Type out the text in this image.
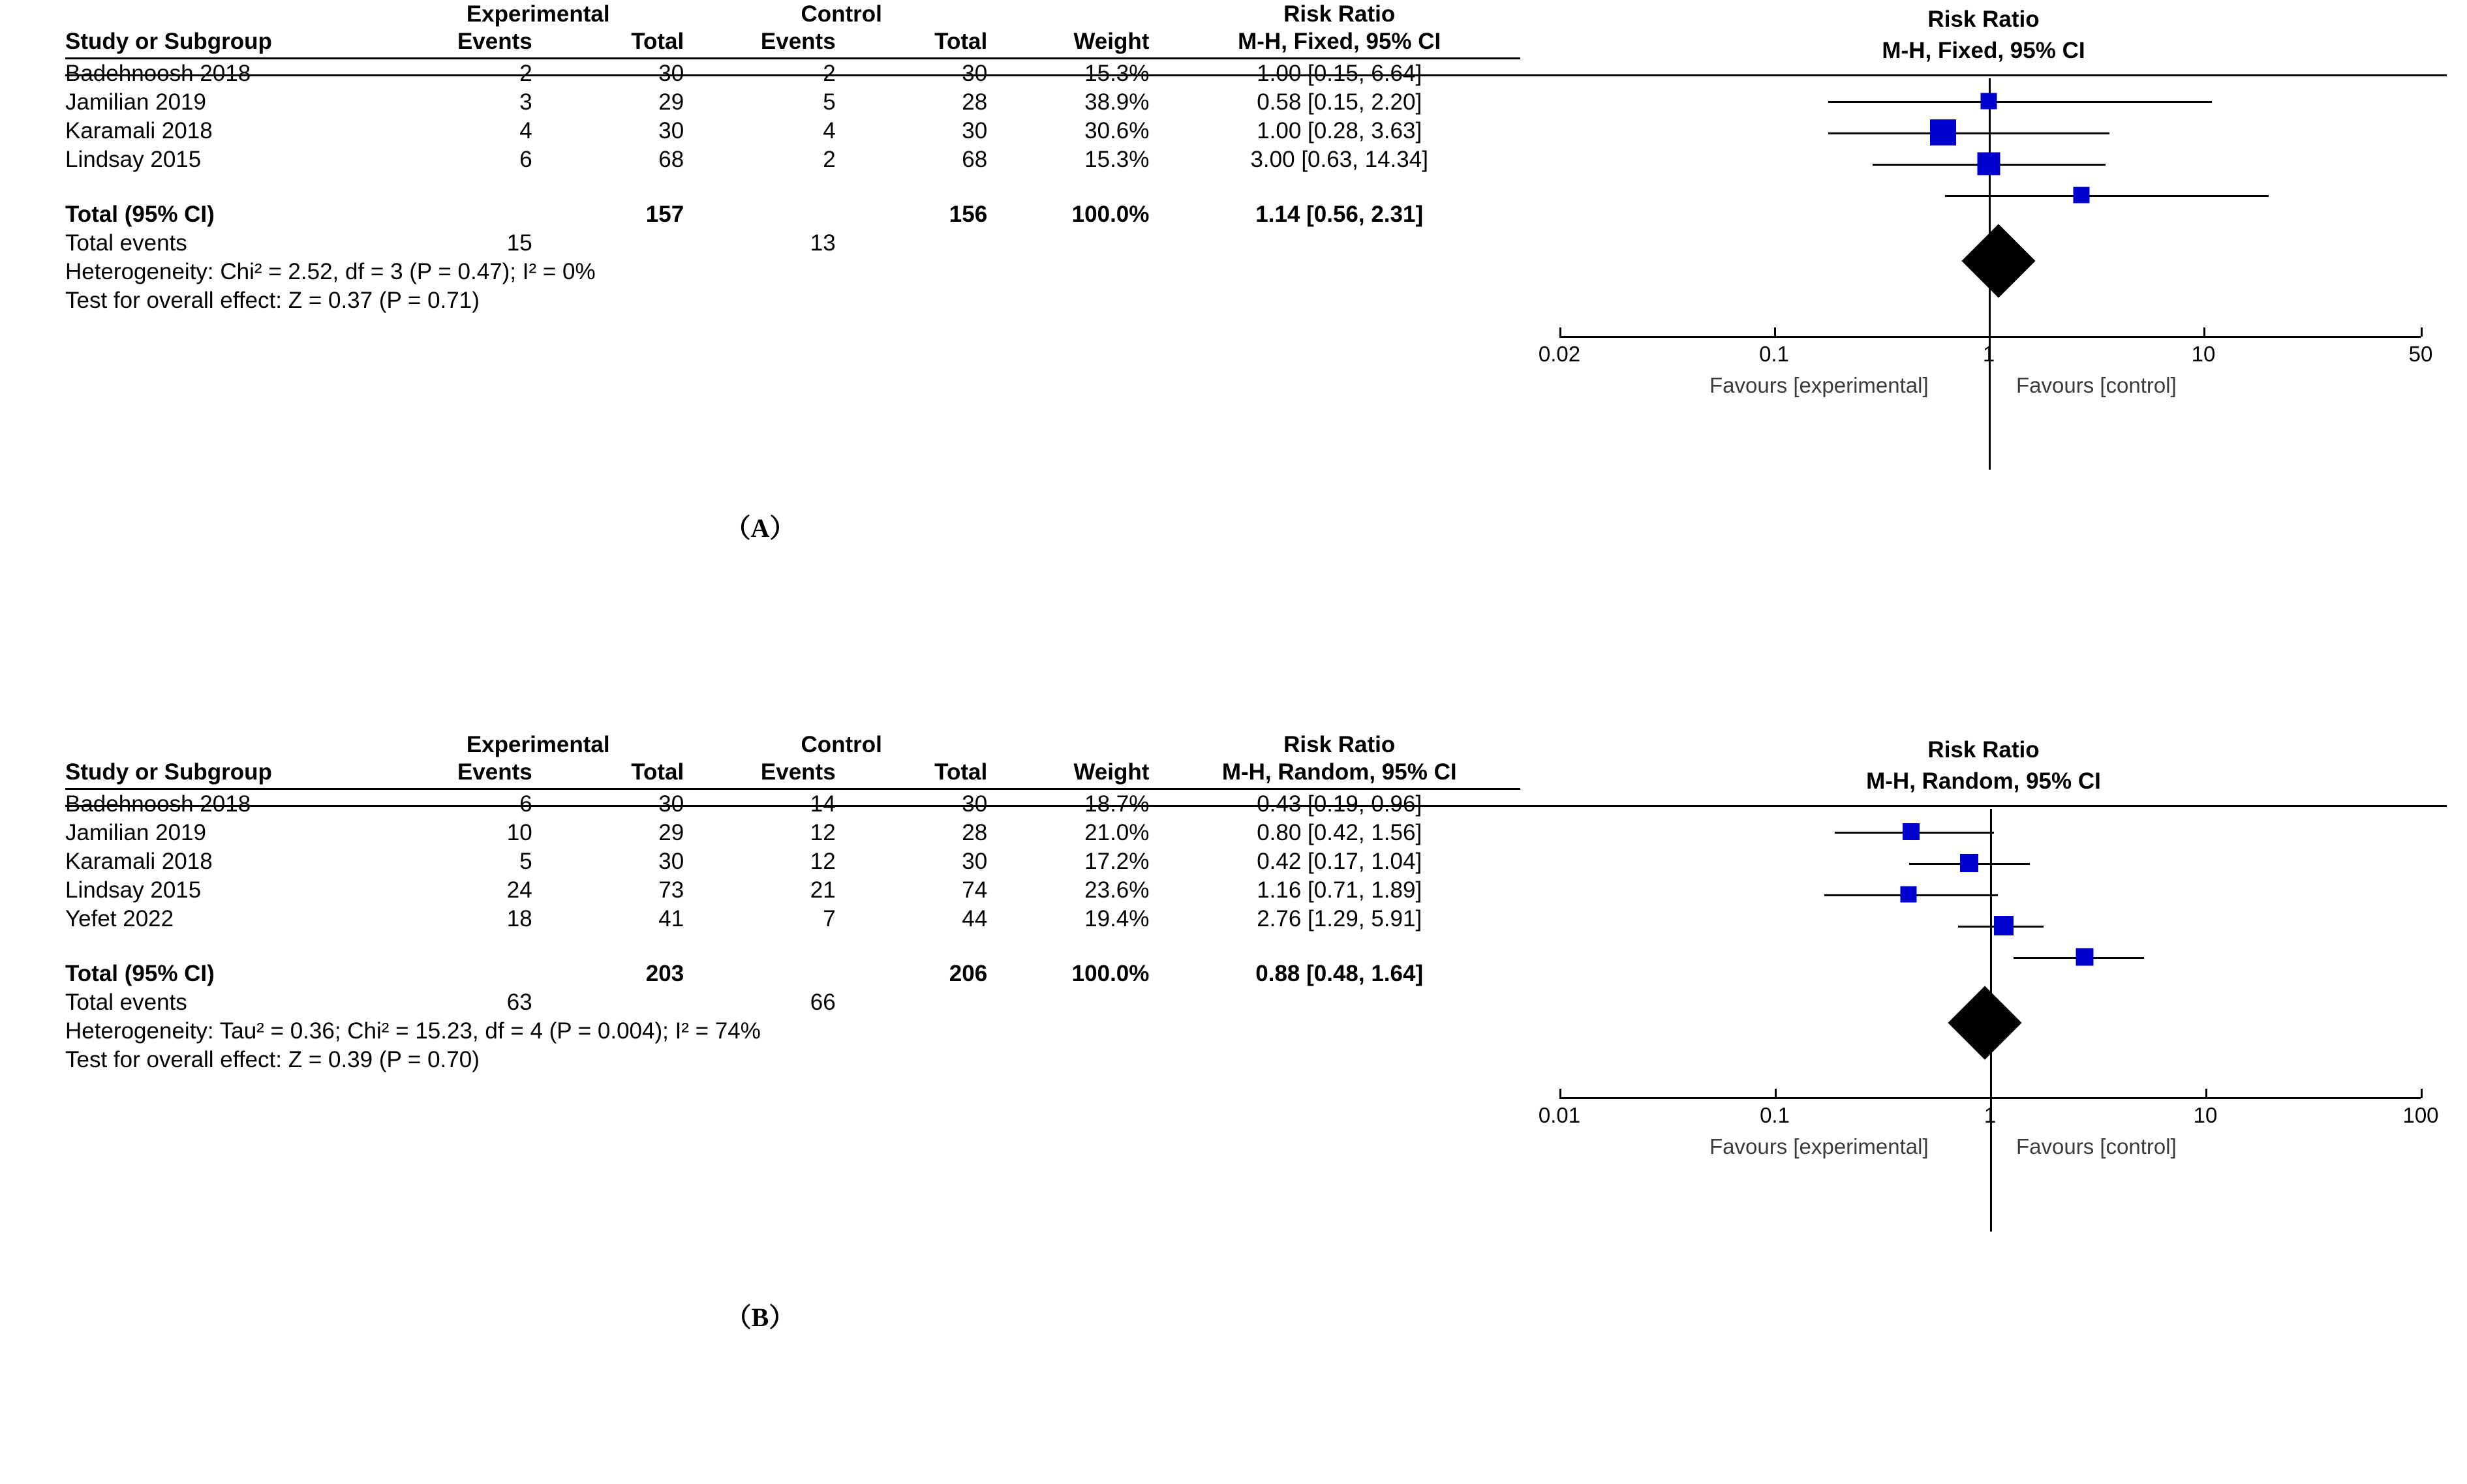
	Experimental		Control			Risk Ratio
Study or Subgroup	Events	Total	Events	Total	Weight	M-H, Fixed, 95% CI
Badehnoosh 2018	2	30	2	30	15.3%	1.00 [0.15, 6.64]
Jamilian 2019	3	29	5	28	38.9%	0.58 [0.15, 2.20]
Karamali 2018	4	30	4	30	30.6%	1.00 [0.28, 3.63]
Lindsay 2015	6	68	2	68	15.3%	3.00 [0.63, 14.34]

Total (95% CI)		157		156	100.0%	1.14 [0.56, 2.31]
Total events	15		13			
Heterogeneity: Chi² = 2.52, df = 3 (P = 0.47); I² = 0%						
Test for overall effect: Z = 0.37 (P = 0.71)						
Risk Ratio
M-H, Fixed, 95% CI
0.02	0.1	1	10	50
Favours [experimental]	Favours [control]
（A）
	Experimental		Control			Risk Ratio
Study or Subgroup	Events	Total	Events	Total	Weight	M-H, Random, 95% CI
Badehnoosh 2018	6	30	14	30	18.7%	0.43 [0.19, 0.96]
Jamilian 2019	10	29	12	28	21.0%	0.80 [0.42, 1.56]
Karamali 2018	5	30	12	30	17.2%	0.42 [0.17, 1.04]
Lindsay 2015	24	73	21	74	23.6%	1.16 [0.71, 1.89]
Yefet 2022	18	41	7	44	19.4%	2.76 [1.29, 5.91]

Total (95% CI)		203		206	100.0%	0.88 [0.48, 1.64]
Total events	63		66			
Heterogeneity: Tau² = 0.36; Chi² = 15.23, df = 4 (P = 0.004); I² = 74%						
Test for overall effect: Z = 0.39 (P = 0.70)						
Risk Ratio
M-H, Random, 95% CI
0.01	0.1	1	10	100
Favours [experimental]	Favours [control]
（B）
